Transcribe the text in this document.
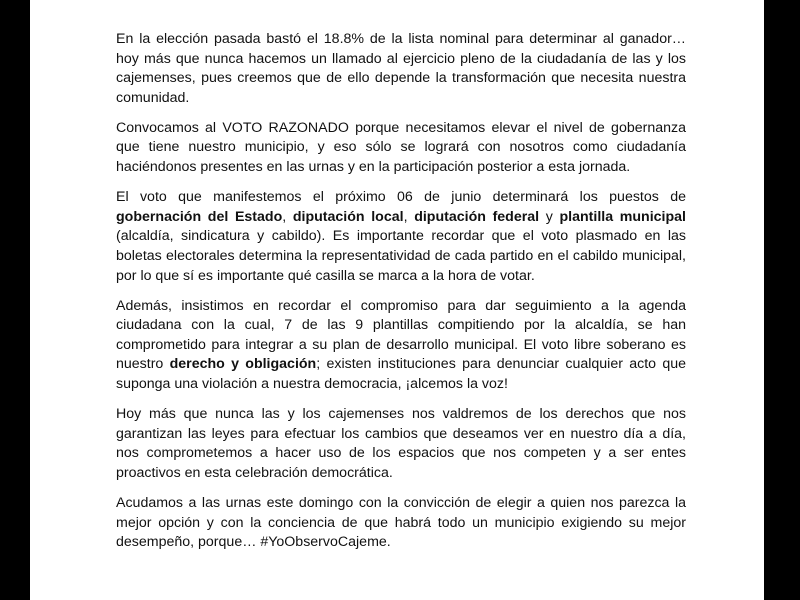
En la elección pasada bastó el 18.8% de la lista nominal para determinar al ganador… hoy más que nunca hacemos un llamado al ejercicio pleno de la ciudadanía de las y los cajemenses, pues creemos que de ello depende la transformación que necesita nuestra comunidad.

Convocamos al VOTO RAZONADO porque necesitamos elevar el nivel de gobernanza que tiene nuestro municipio, y eso sólo se logrará con nosotros como ciudadanía haciéndonos presentes en las urnas y en la participación posterior a esta jornada.

El voto que manifestemos el próximo 06 de junio determinará los puestos de gobernación del Estado, diputación local, diputación federal y plantilla municipal (alcaldía, sindicatura y cabildo). Es importante recordar que el voto plasmado en las boletas electorales determina la representatividad de cada partido en el cabildo municipal, por lo que sí es importante qué casilla se marca a la hora de votar.

Además, insistimos en recordar el compromiso para dar seguimiento a la agenda ciudadana con la cual, 7 de las 9 plantillas compitiendo por la alcaldía, se han comprometido para integrar a su plan de desarrollo municipal. El voto libre soberano es nuestro derecho y obligación; existen instituciones para denunciar cualquier acto que suponga una violación a nuestra democracia, ¡alcemos la voz!

Hoy más que nunca las y los cajemenses nos valdremos de los derechos que nos garantizan las leyes para efectuar los cambios que deseamos ver en nuestro día a día, nos comprometemos a hacer uso de los espacios que nos competen y a ser entes proactivos en esta celebración democrática.

Acudamos a las urnas este domingo con la convicción de elegir a quien nos parezca la mejor opción y con la conciencia de que habrá todo un municipio exigiendo su mejor desempeño, porque… #YoObservoCajeme.
